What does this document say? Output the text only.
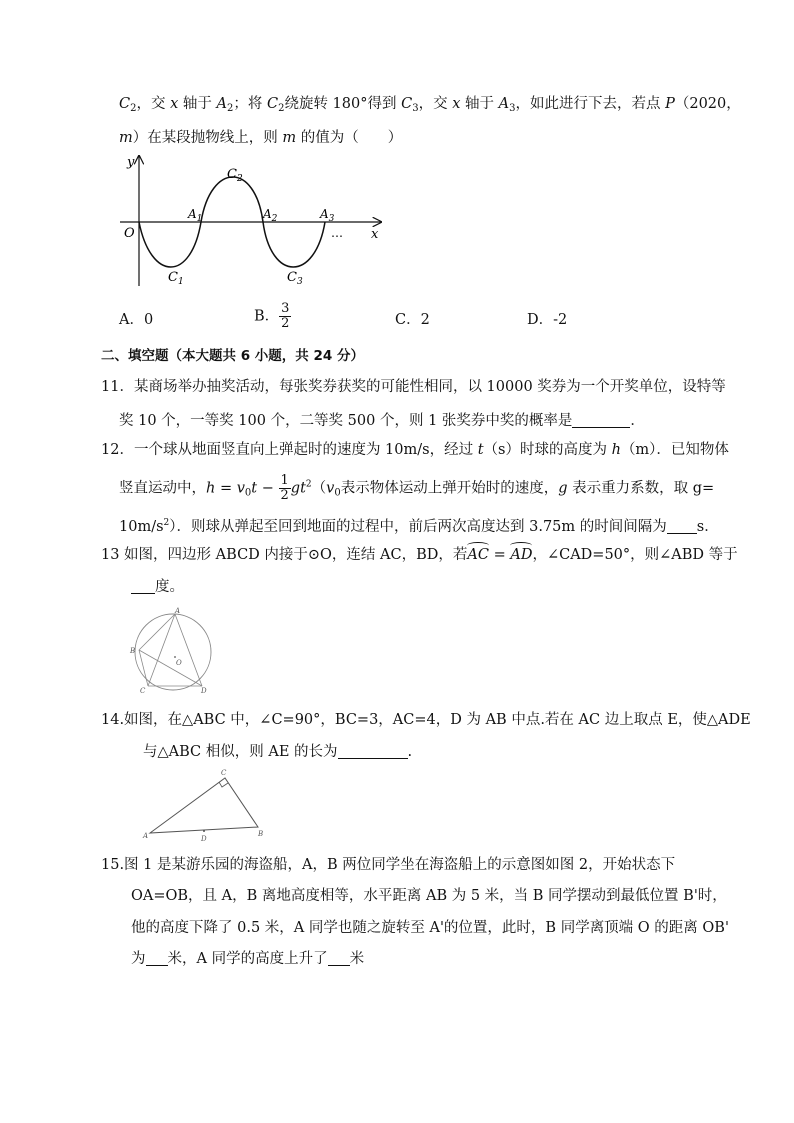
$C_2$，交 x 轴于 $A_2$；将 $C_2$绕旋转 180°得到 $C_3$，交 x 轴于 $A_3$，如此进行下去，若点 P（2020，
m）在某段抛物线上，则 m 的值为（　　）
y
x
O
$C_2$
$C_1$	$C_3$
$A_1$	$A_2$	$A_3$
…
A．0	B． $\frac{3}{2}$	C．2	D．-2
二、填空题（本大题共 6 小题，共 24 分）
11．某商场举办抽奖活动，每张奖券获奖的可能性相同，以 10000 奖券为一个开奖单位，设特等
奖 10 个，一等奖 100 个，二等奖 500 个，则 1 张奖券中奖的概率是	．
12．一个球从地面竖直向上弹起时的速度为 10m/s，经过 t（s）时球的高度为 h（m）．已知物体
竖直运动中，$h = v_0t - \frac{1}{2} gt^2(v_0$表示物体运动上弹开始时的速度，g 表示重力系数，取 g=
$10m/s^2$）．则球从弹起至回到地面的过程中，前后两次高度达到 3.75m 的时间间隔为 s．
13 如图，四边形 ABCD 内接于⊙O，连结 AC，BD，若AC = AD，∠CAD=50°，则∠ABD 等于
度。
A
B
C	D
O
14.如图，在△ABC 中，∠C=90°，BC=3，AC=4，D 为 AB 中点.若在 AC 边上取点 E，使△ADE
与△ABC 相似，则 AE 的长为	.
A	B
C
D
15.图 1 是某游乐园的海盗船，A，B 两位同学坐在海盗船上的示意图如图 2，开始状态下
OA=OB，且 A，B 离地高度相等，水平距离 AB 为 5 米，当 B 同学摆动到最低位置 B'时，
他的高度下降了 0.5 米，A 同学也随之旋转至 A'的位置，此时，B 同学离顶端 O 的距离 OB'
为 米，A 同学的高度上升了 米
